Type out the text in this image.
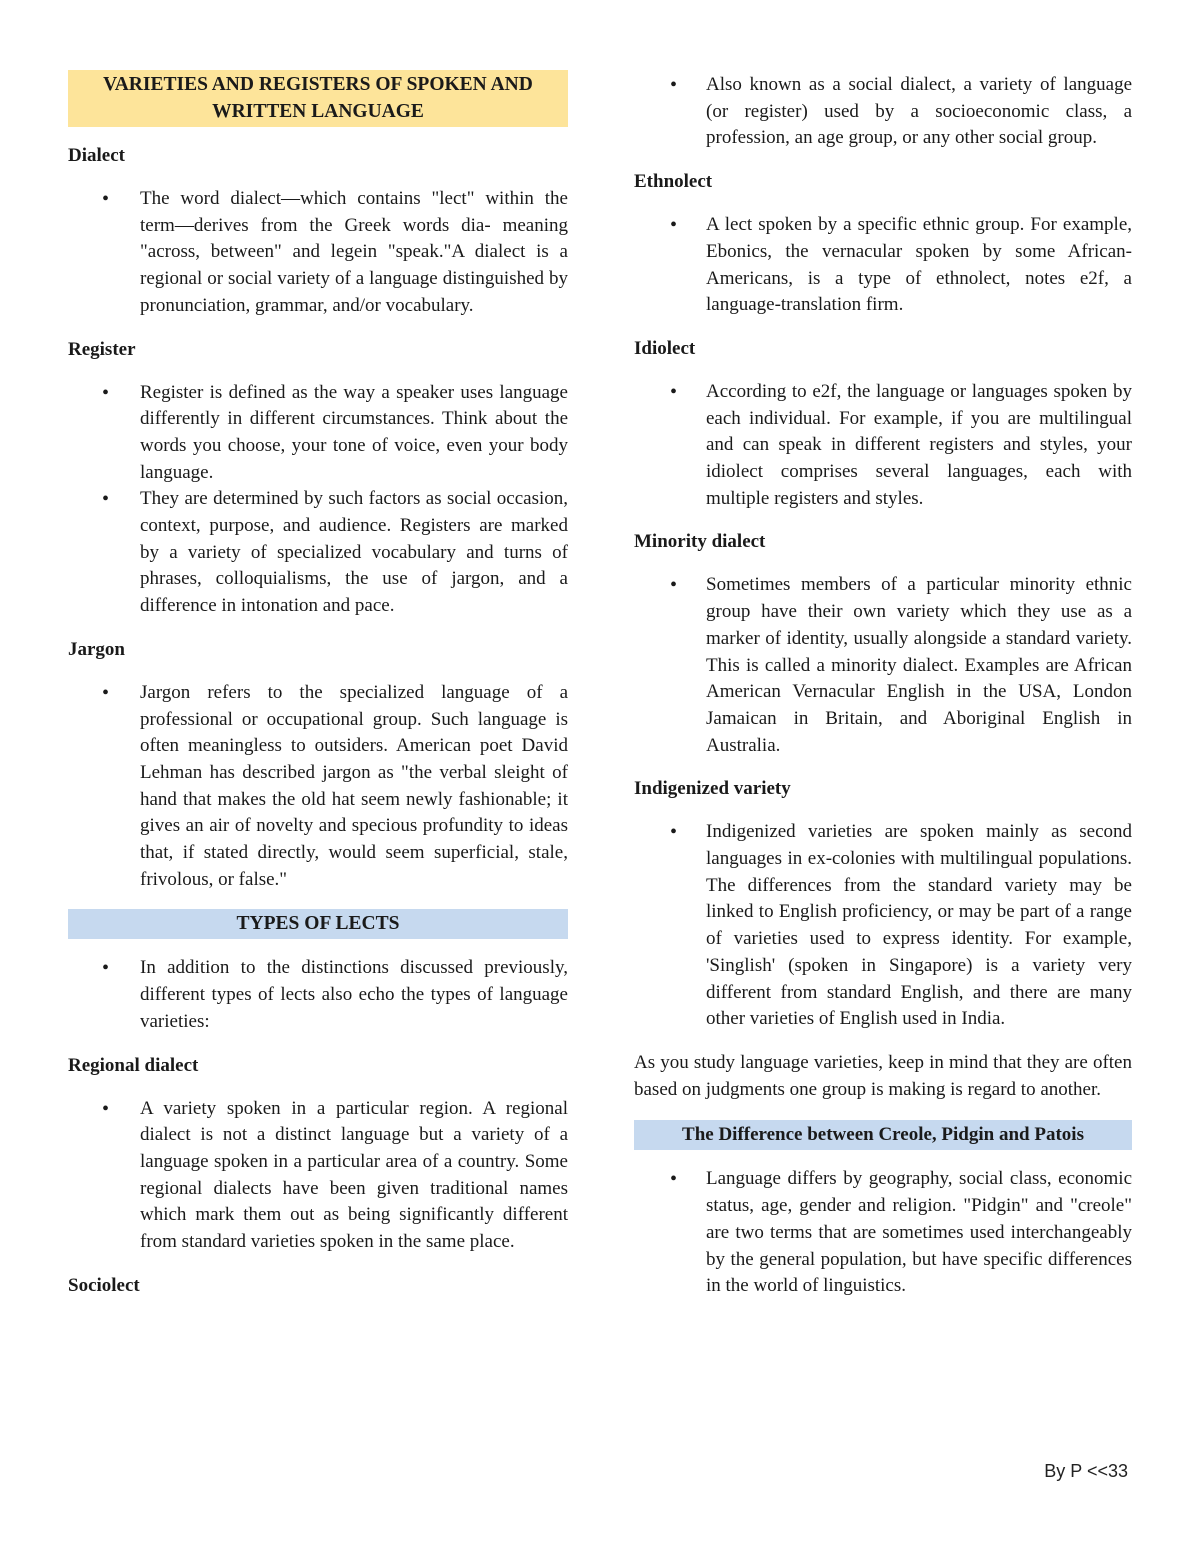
VARIETIES AND REGISTERS OF SPOKEN AND WRITTEN LANGUAGE
Dialect
• The word dialect—which contains "lect" within the term—derives from the Greek words dia- meaning "across, between" and legein "speak."A dialect is a regional or social variety of a language distinguished by pronunciation, grammar, and/or vocabulary.
Register
• Register is defined as the way a speaker uses language differently in different circumstances. Think about the words you choose, your tone of voice, even your body language.
• They are determined by such factors as social occasion, context, purpose, and audience. Registers are marked by a variety of specialized vocabulary and turns of phrases, colloquialisms, the use of jargon, and a difference in intonation and pace.
Jargon
• Jargon refers to the specialized language of a professional or occupational group. Such language is often meaningless to outsiders. American poet David Lehman has described jargon as "the verbal sleight of hand that makes the old hat seem newly fashionable; it gives an air of novelty and specious profundity to ideas that, if stated directly, would seem superficial, stale, frivolous, or false."
TYPES OF LECTS
• In addition to the distinctions discussed previously, different types of lects also echo the types of language varieties:
Regional dialect
• A variety spoken in a particular region. A regional dialect is not a distinct language but a variety of a language spoken in a particular area of a country. Some regional dialects have been given traditional names which mark them out as being significantly different from standard varieties spoken in the same place.
Sociolect
• Also known as a social dialect, a variety of language (or register) used by a socioeconomic class, a profession, an age group, or any other social group.
Ethnolect
• A lect spoken by a specific ethnic group. For example, Ebonics, the vernacular spoken by some African-Americans, is a type of ethnolect, notes e2f, a language-translation firm.
Idiolect
• According to e2f, the language or languages spoken by each individual. For example, if you are multilingual and can speak in different registers and styles, your idiolect comprises several languages, each with multiple registers and styles.
Minority dialect
• Sometimes members of a particular minority ethnic group have their own variety which they use as a marker of identity, usually alongside a standard variety. This is called a minority dialect. Examples are African American Vernacular English in the USA, London Jamaican in Britain, and Aboriginal English in Australia.
Indigenized variety
• Indigenized varieties are spoken mainly as second languages in ex-colonies with multilingual populations. The differences from the standard variety may be linked to English proficiency, or may be part of a range of varieties used to express identity. For example, 'Singlish' (spoken in Singapore) is a variety very different from standard English, and there are many other varieties of English used in India.

As you study language varieties, keep in mind that they are often based on judgments one group is making is regard to another.

The Difference between Creole, Pidgin and Patois
• Language differs by geography, social class, economic status, age, gender and religion. "Pidgin" and "creole" are two terms that are sometimes used interchangeably by the general population, but have specific differences in the world of linguistics.
By P <<33
